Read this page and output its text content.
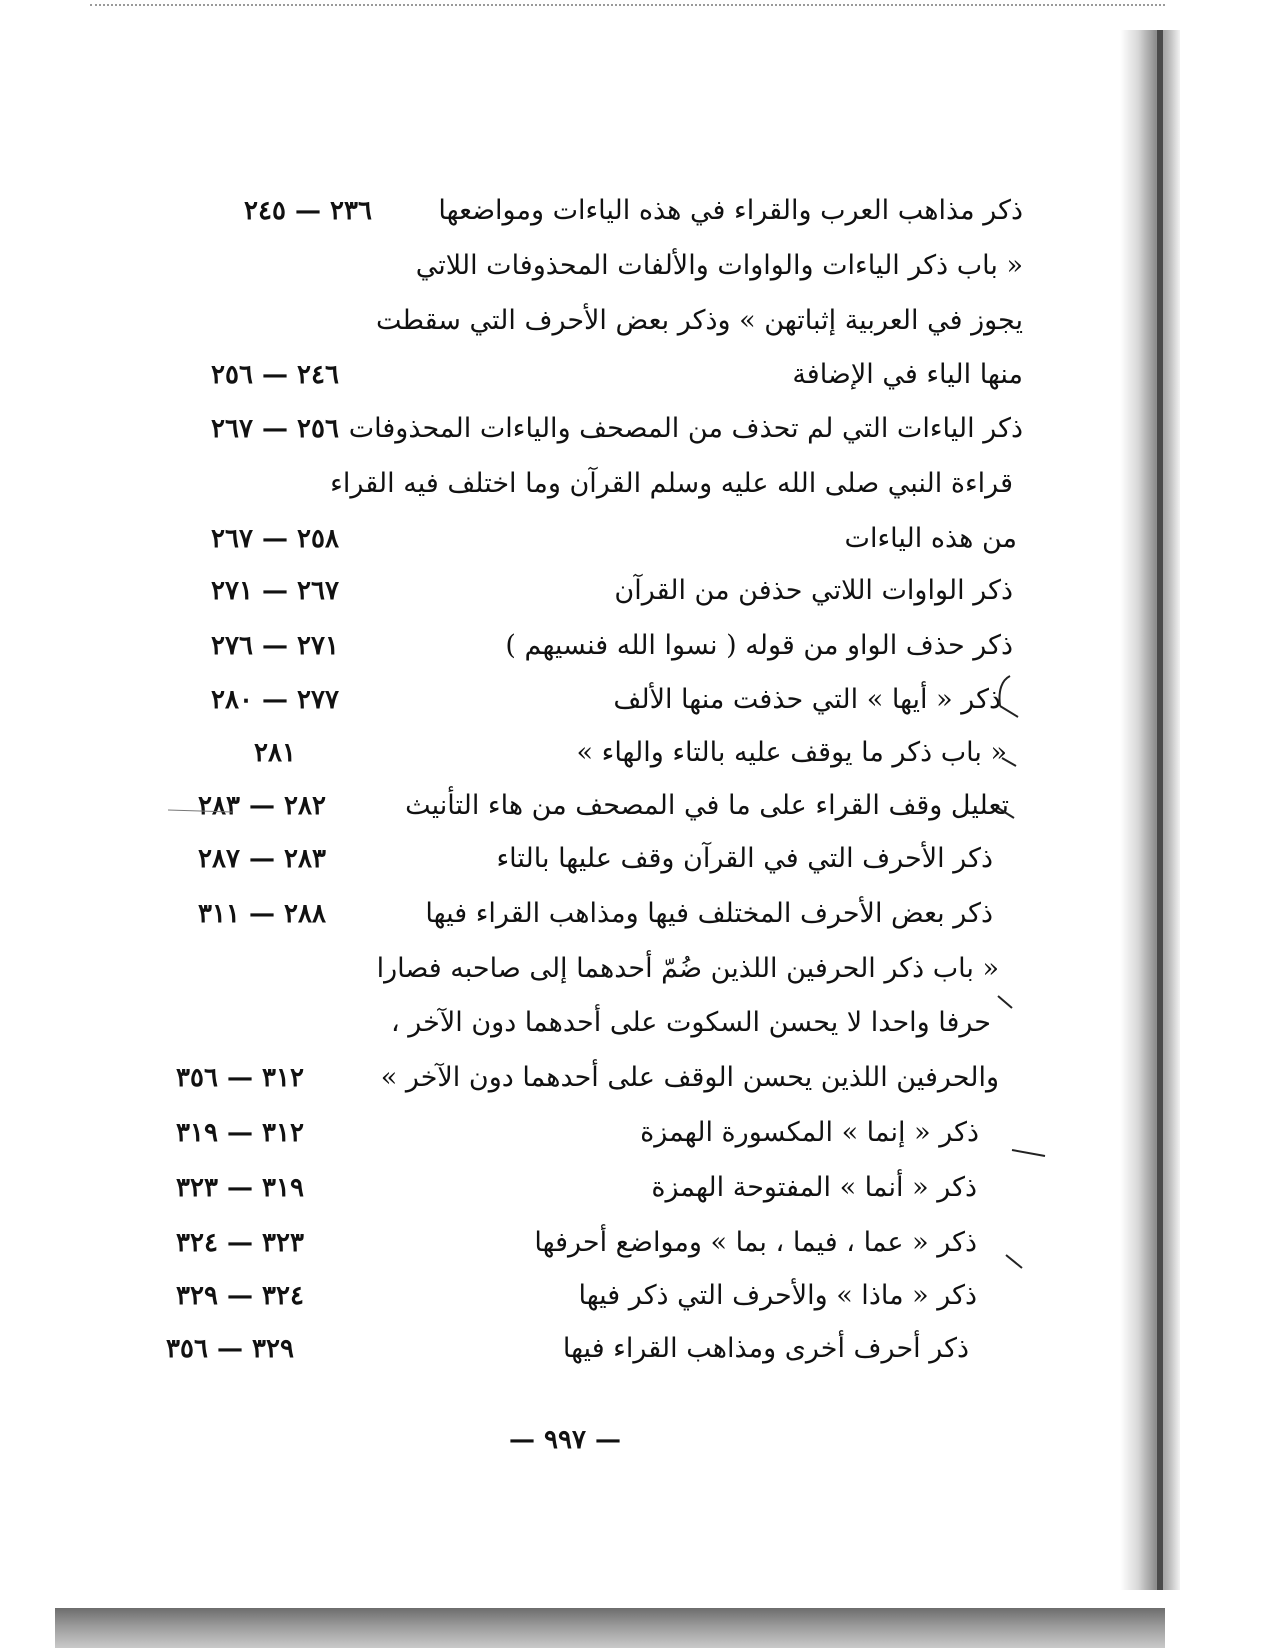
ذكر مذاهب العرب والقراء في هذه الياءات ومواضعها
٢٣٦ — ٢٤٥
« باب ذكر الياءات والواوات والألفات المحذوفات اللاتي
يجوز في العربية إثباتهن » وذكر بعض الأحرف التي سقطت
منها الياء في الإضافة
٢٤٦ — ٢٥٦
ذكر الياءات التي لم تحذف من المصحف والياءات المحذوفات
٢٥٦ — ٢٦٧
قراءة النبي صلى الله عليه وسلم القرآن وما اختلف فيه القراء
من هذه الياءات
٢٥٨ — ٢٦٧
ذكر الواوات اللاتي حذفن من القرآن
٢٦٧ — ٢٧١
ذكر حذف الواو من قوله ( نسوا الله فنسيهم )
٢٧١ — ٢٧٦
ذكر « أيها » التي حذفت منها الألف
٢٧٧ — ٢٨٠
« باب ذكر ما يوقف عليه بالتاء والهاء »
٢٨١
تعليل وقف القراء على ما في المصحف من هاء التأنيث
٢٨٢ — ٢٨٣
ذكر الأحرف التي في القرآن وقف عليها بالتاء
٢٨٣ — ٢٨٧
ذكر بعض الأحرف المختلف فيها ومذاهب القراء فيها
٢٨٨ — ٣١١
« باب ذكر الحرفين اللذين ضُمّ أحدهما إلى صاحبه فصارا
حرفا واحدا لا يحسن السكوت على أحدهما دون الآخر ،
والحرفين اللذين يحسن الوقف على أحدهما دون الآخر »
٣١٢ — ٣٥٦
ذكر « إنما » المكسورة الهمزة
٣١٢ — ٣١٩
ذكر « أنما » المفتوحة الهمزة
٣١٩ — ٣٢٣
ذكر « عما ، فيما ، بما » ومواضع أحرفها
٣٢٣ — ٣٢٤
ذكر « ماذا » والأحرف التي ذكر فيها
٣٢٤ — ٣٢٩
ذكر أحرف أخرى ومذاهب القراء فيها
٣٢٩ — ٣٥٦
— ٩٩٧ —
